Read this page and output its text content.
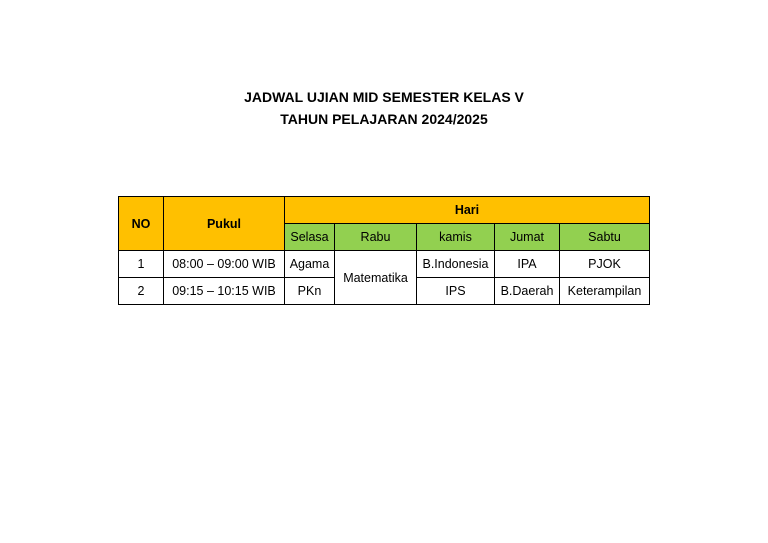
JADWAL UJIAN MID SEMESTER KELAS V
TAHUN PELAJARAN 2024/2025
NO	Pukul	Hari				
		Selasa	Rabu	kamis	Jumat	Sabtu
1	08:00 – 09:00 WIB	Agama	Matematika	B.Indonesia	IPA	PJOK
2	09:15 – 10:15 WIB	PKn		IPS	B.Daerah	Keterampilan
